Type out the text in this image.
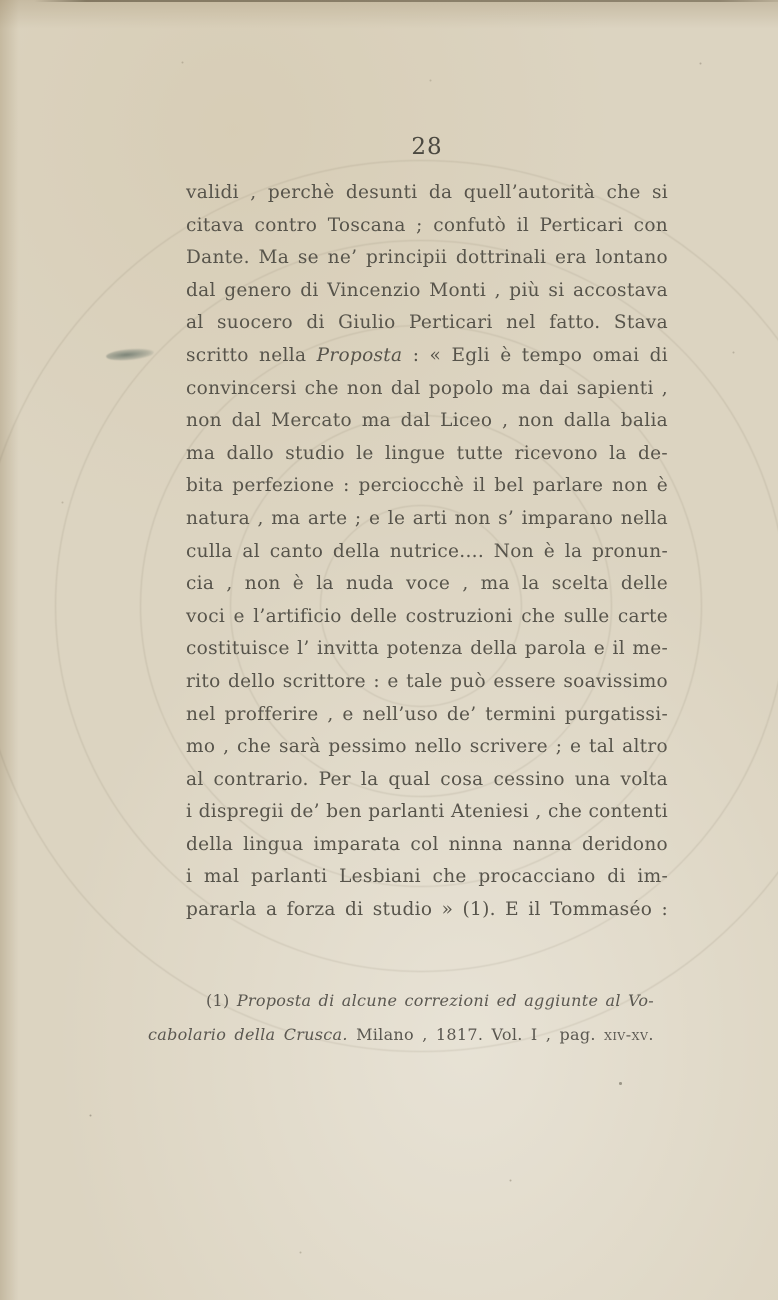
28
validi , perchè desunti da quell’autorità che si
citava contro Toscana ; confutò il Perticari con
Dante. Ma se ne’ principii dottrinali era lontano
dal genero di Vincenzio Monti , più si accostava
al suocero di Giulio Perticari nel fatto. Stava
scritto nella Proposta : « Egli è tempo omai di
convincersi che non dal popolo ma dai sapienti ,
non dal Mercato ma dal Liceo , non dalla balia
ma dallo studio le lingue tutte ricevono la de-
bita perfezione : perciocchè il bel parlare non è
natura , ma arte ; e le arti non s’ imparano nella
culla al canto della nutrice.... Non è la pronun-
cia , non è la nuda voce , ma la scelta delle
voci e l’artificio delle costruzioni che sulle carte
costituisce l’ invitta potenza della parola e il me-
rito dello scrittore : e tale può essere soavissimo
nel profferire , e nell’uso de’ termini purgatissi-
mo , che sarà pessimo nello scrivere ; e tal altro
al contrario. Per la qual cosa cessino una volta
i dispregii de’ ben parlanti Ateniesi , che contenti
della lingua imparata col ninna nanna deridono
i mal parlanti Lesbiani che procacciano di im-
pararla a forza di studio » (1). E il Tommaséo :
(1) Proposta di alcune correzioni ed aggiunte al Vo-
cabolario della Crusca. Milano , 1817. Vol. I , pag. xiv-xv.
